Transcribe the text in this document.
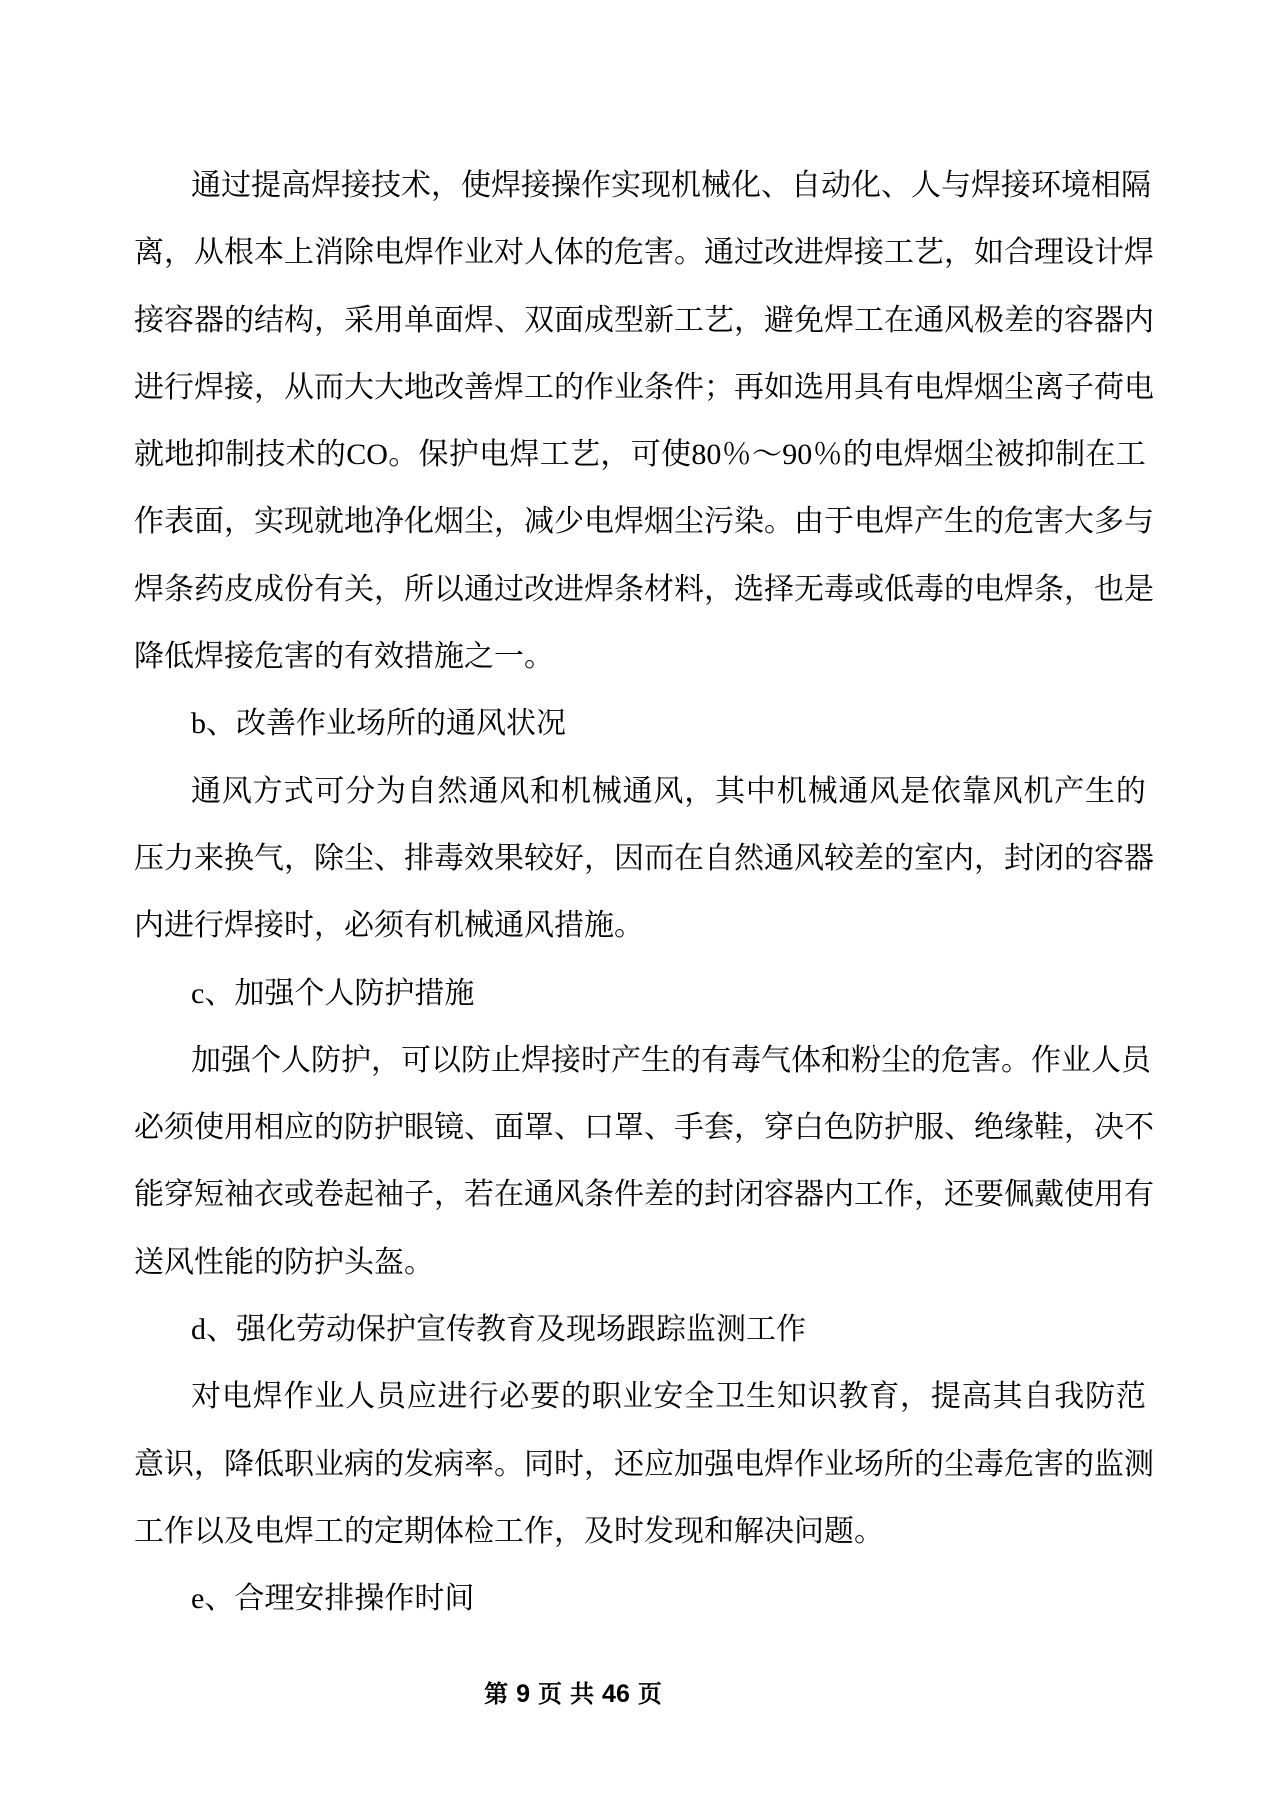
通 过 提 高 焊 接 技 术 ， 使 焊 接 操 作 实 现 机 械 化 、 自 动 化 、 人 与 焊 接 环 境 相 隔
离 ， 从 根 本 上 消 除 电 焊 作 业 对 人 体 的 危 害 。 通 过 改 进 焊 接 工 艺 ， 如 合 理 设 计 焊
接 容 器 的 结 构 ， 采 用 单 面 焊 、 双 面 成 型 新 工 艺 ， 避 免 焊 工 在 通 风 极 差 的 容 器 内
进 行 焊 接 ， 从 而 大 大 地 改 善 焊 工 的 作 业 条 件 ； 再 如 选 用 具 有 电 焊 烟 尘 离 子 荷 电
就 地 抑 制 技 术 的 CO 。 保 护 电 焊 工 艺 ， 可 使 80 ％ ～ 90 ％ 的 电 焊 烟 尘 被 抑 制 在 工
作 表 面 ， 实 现 就 地 净 化 烟 尘 ， 减 少 电 焊 烟 尘 污 染 。 由 于 电 焊 产 生 的 危 害 大 多 与
焊 条 药 皮 成 份 有 关 ， 所 以 通 过 改 进 焊 条 材 料 ， 选 择 无 毒 或 低 毒 的 电 焊 条 ， 也 是
降低焊接危害的有效措施之一。
b、改善作业场所的通风状况
通 风 方 式 可 分 为 自 然 通 风 和 机 械 通 风 ， 其 中 机 械 通 风 是 依 靠 风 机 产 生 的
压 力 来 换 气 ， 除 尘 、 排 毒 效 果 较 好 ， 因 而 在 自 然 通 风 较 差 的 室 内 ， 封 闭 的 容 器
内进行焊接时，必须有机械通风措施。
c、加强个人防护措施
加 强 个 人 防 护 ， 可 以 防 止 焊 接 时 产 生 的 有 毒 气 体 和 粉 尘 的 危 害 。 作 业 人 员
必 须 使 用 相 应 的 防 护 眼 镜 、 面 罩 、 口 罩 、 手 套 ， 穿 白 色 防 护 服 、 绝 缘 鞋 ， 决 不
能 穿 短 袖 衣 或 卷 起 袖 子 ， 若 在 通 风 条 件 差 的 封 闭 容 器 内 工 作 ， 还 要 佩 戴 使 用 有
送风性能的防护头盔。
d、强化劳动保护宣传教育及现场跟踪监测工作
对 电 焊 作 业 人 员 应 进 行 必 要 的 职 业 安 全 卫 生 知 识 教 育 ， 提 高 其 自 我 防 范
意 识 ， 降 低 职 业 病 的 发 病 率 。 同 时 ， 还 应 加 强 电 焊 作 业 场 所 的 尘 毒 危 害 的 监 测
工作以及电焊工的定期体检工作，及时发现和解决问题。
e、合理安排操作时间
第 9 页 共 46 页
